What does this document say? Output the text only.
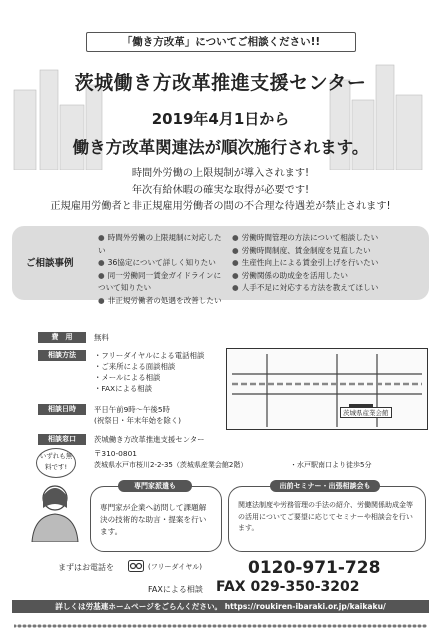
「働き方改革」についてご相談ください!!
茨城働き方改革推進支援センター
2019年4月1日から
働き方改革関連法が順次施行されます。
時間外労働の上限規制が導入されます!
年次有給休暇の確実な取得が必要です!
正規雇用労働者と非正規雇用労働者の間の不合理な待遇差が禁止されます!
ご相談事例
● 時間外労働の上限規制に対応したい
● 36協定について詳しく知りたい
● 同一労働同一賃金ガイドラインについて知りたい
● 非正規労働者の処遇を改善したい
● 労働時間管理の方法について相談したい
● 労働時間制度、賃金制度を見直したい
● 生産性向上による賃金引上げを行いたい
● 労働関係の助成金を活用したい
● 人手不足に対応する方法を教えてほしい
費　用	無料
相談方法	・フリーダイヤルによる電話相談
・ご来所による面談相談
・メールによる相談
・FAXによる相談
相談日時	平日午前9時〜午後5時
(祝祭日・年末年始を除く)
相談窓口	茨城働き方改革推進支援センター
〒310-0801
茨城県水戸市桜川2-2-35（茨城県産業会館2階）	・水戸駅南口より徒歩5分
茨城県産業会館
いずれも無料です!
専門家派遣も
専門家が企業へ訪問して課題解決の技術的な助言・提案を行います。
出前セミナー・出張相談会も
関連法制度や労務管理の手法の紹介、労働関係助成金等の活用についてご要望に応じてセミナーや相談会を行います。
まずはお電話を	(フリーダイヤル)	0120-971-728
FAXによる相談 FAX 029-350-3202
詳しくは労基連ホームページをごらんください。 https://roukiren-ibaraki.or.jp/kaikaku/
